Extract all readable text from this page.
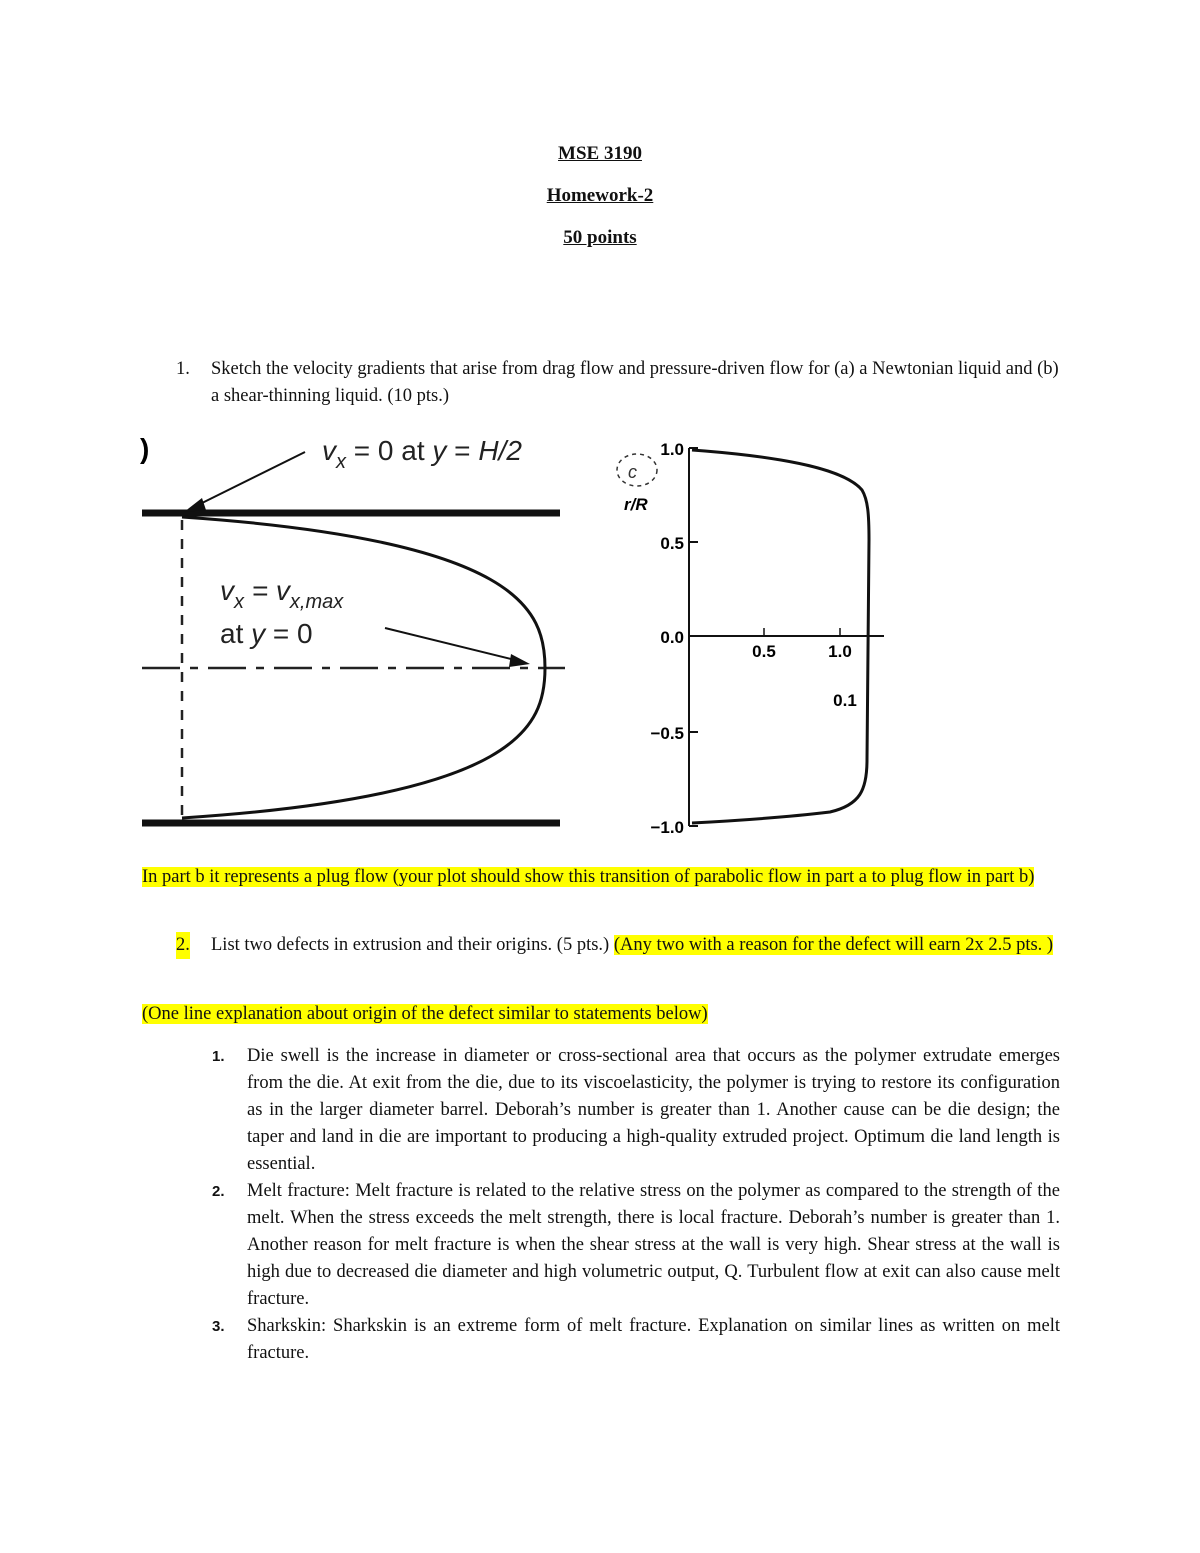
MSE 3190
Homework-2
50 points
1. Sketch the velocity gradients that arise from drag flow and pressure-driven flow for (a) a Newtonian liquid and (b) a shear-thinning liquid. (10 pts.)
)	$v_x = 0$ at y = H/2
$v_x = v_{x,max}$
at y = 0
c
r/R
1.0
0.5
0.0
−0.5
−1.0
0.5	1.0
0.1
In part b it represents a plug flow (your plot should show this transition of parabolic flow in part a to plug flow in part b)
2. List two defects in extrusion and their origins. (5 pts.) (Any two with a reason for the defect will earn 2x 2.5 pts. )
(One line explanation about origin of the defect similar to statements below)
1. Die swell is the increase in diameter or cross-sectional area that occurs as the polymer extrudate emerges from the die. At exit from the die, due to its viscoelasticity, the polymer is trying to restore its configuration as in the larger diameter barrel. Deborah’s number is greater than 1. Another cause can be die design; the taper and land in die are important to producing a high-quality extruded project. Optimum die land length is essential.
2. Melt fracture: Melt fracture is related to the relative stress on the polymer as compared to the strength of the melt. When the stress exceeds the melt strength, there is local fracture. Deborah’s number is greater than 1. Another reason for melt fracture is when the shear stress at the wall is very high. Shear stress at the wall is high due to decreased die diameter and high volumetric output, Q. Turbulent flow at exit can also cause melt fracture.
3. Sharkskin: Sharkskin is an extreme form of melt fracture. Explanation on similar lines as written on melt fracture.
